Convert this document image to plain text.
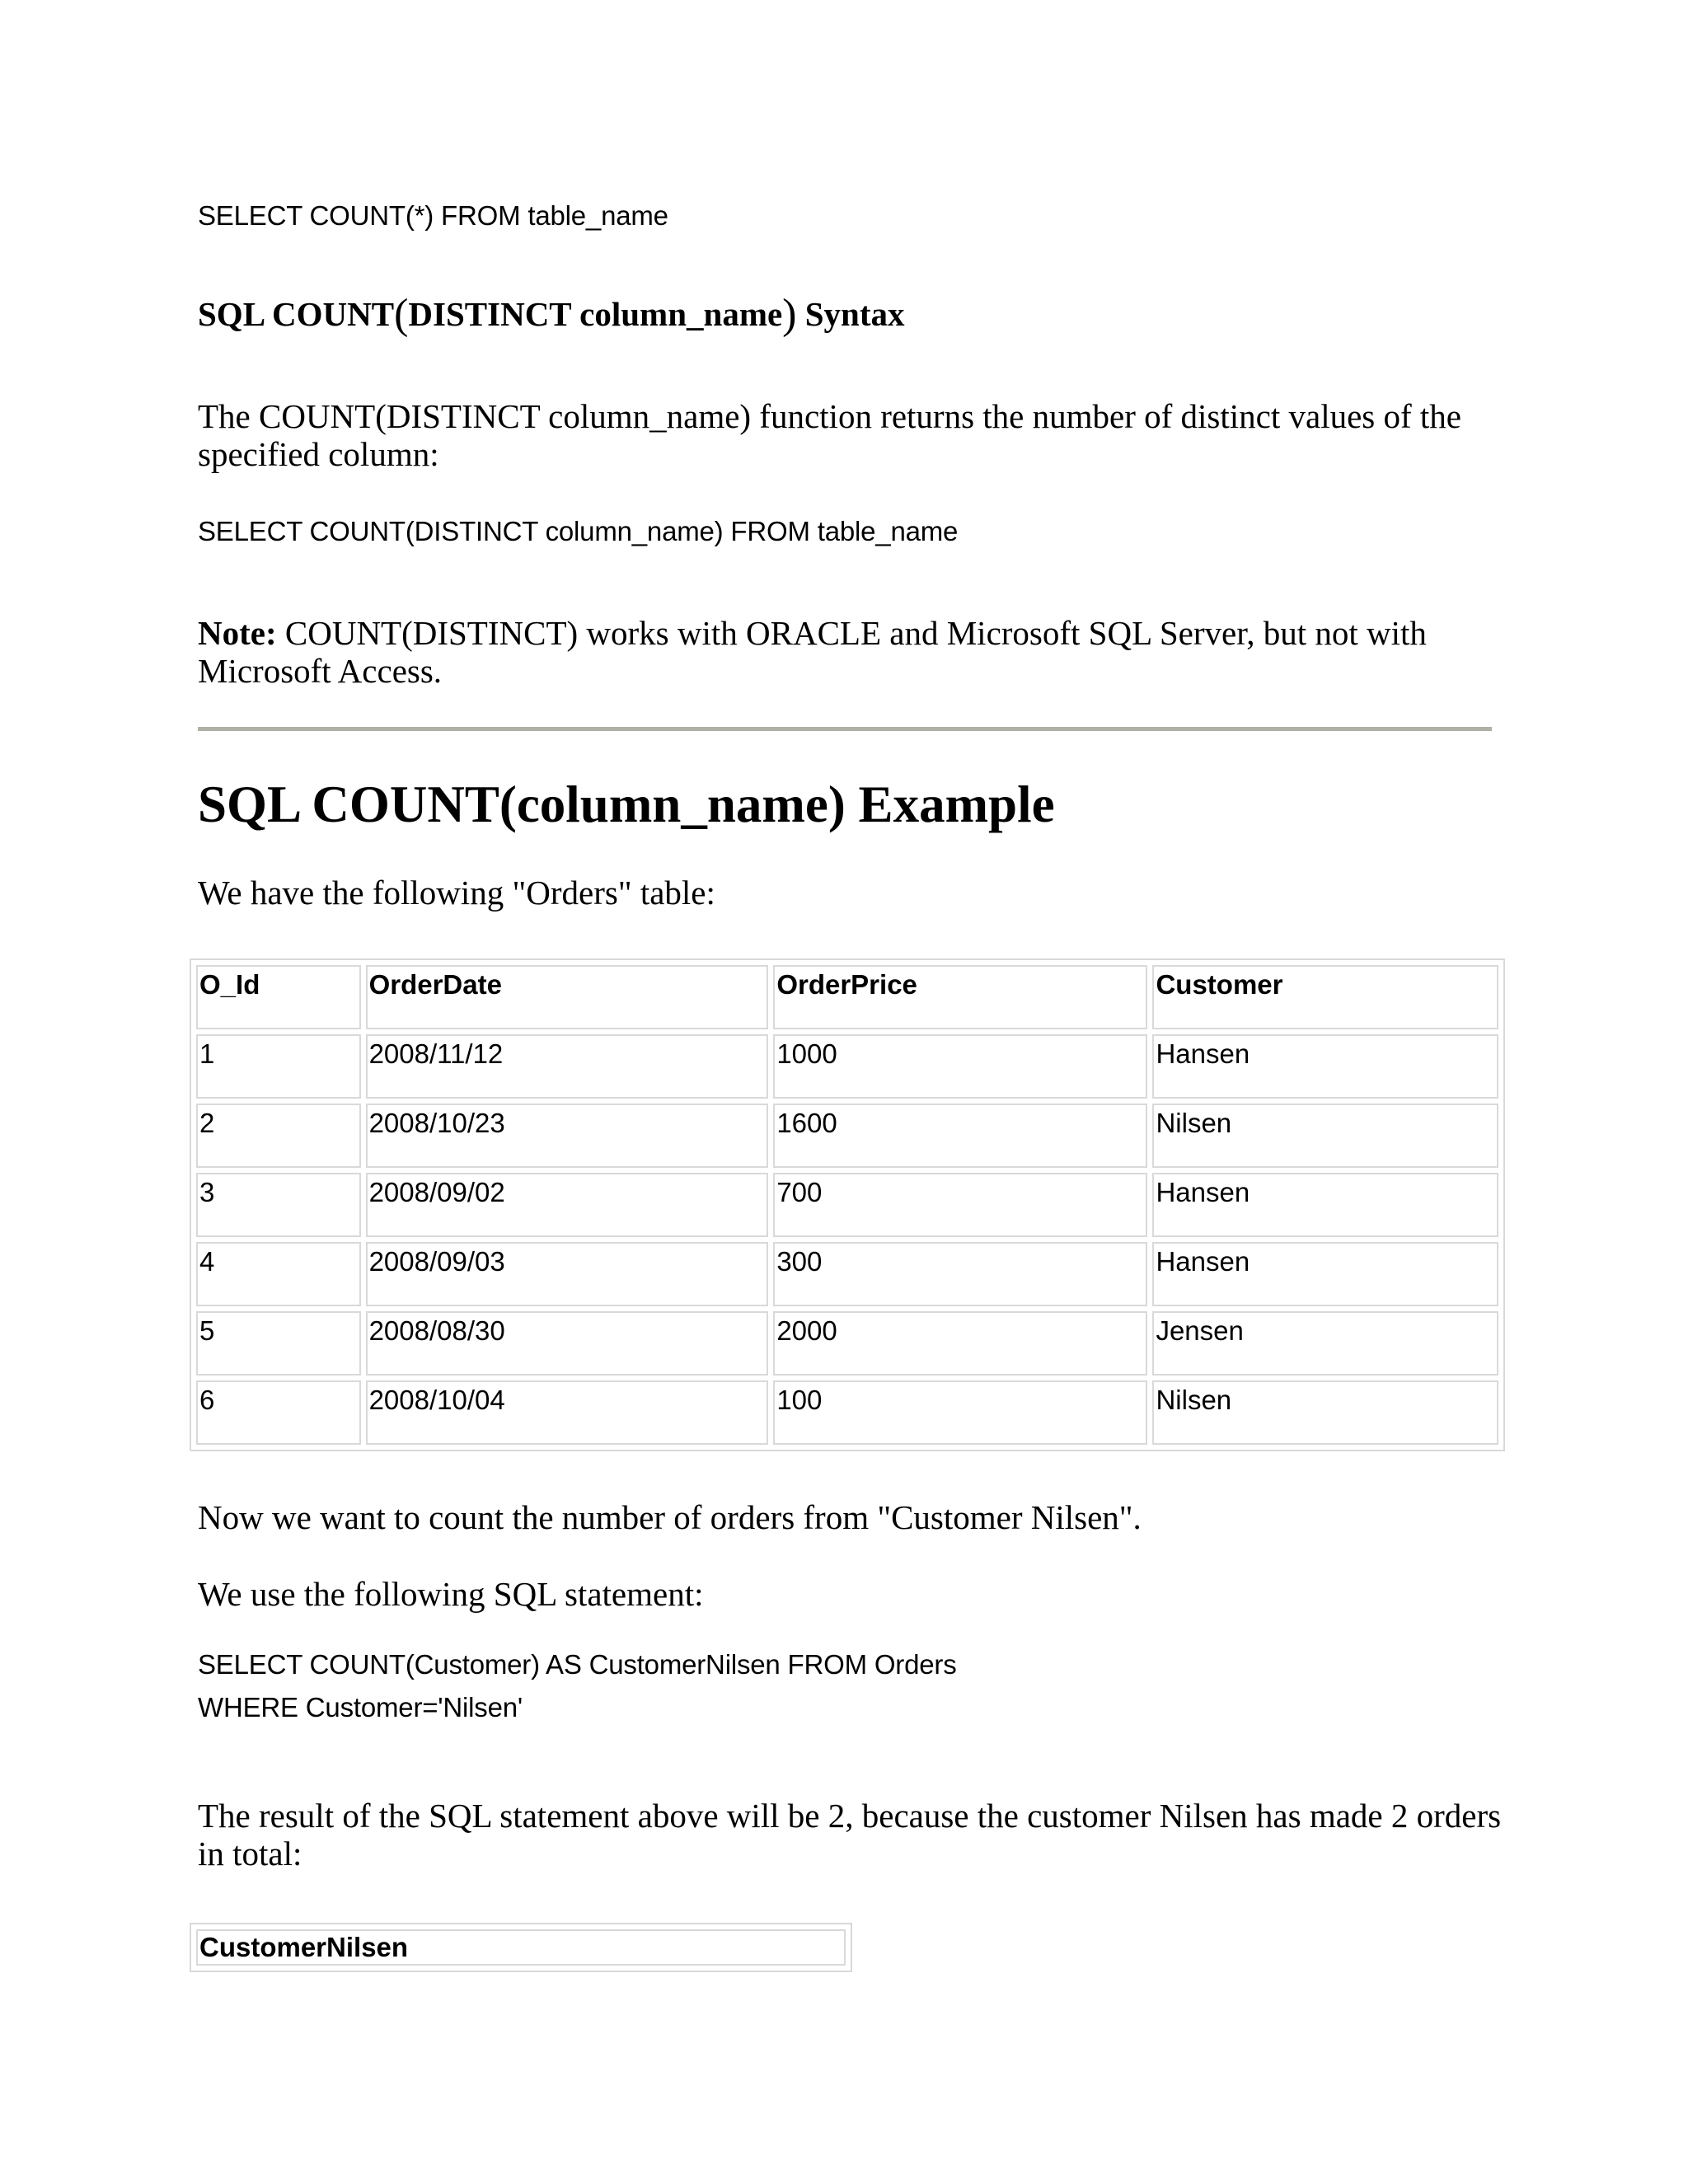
SELECT COUNT(*) FROM table_name
SQL COUNT(DISTINCT column_name) Syntax
The COUNT(DISTINCT column_name) function returns the number of distinct values of the specified column:
SELECT COUNT(DISTINCT column_name) FROM table_name
Note: COUNT(DISTINCT) works with ORACLE and Microsoft SQL Server, but not with Microsoft Access.
SQL COUNT(column_name) Example
We have the following "Orders" table:
O_Id	OrderDate	OrderPrice	Customer
1	2008/11/12	1000	Hansen
2	2008/10/23	1600	Nilsen
3	2008/09/02	700	Hansen
4	2008/09/03	300	Hansen
5	2008/08/30	2000	Jensen
6	2008/10/04	100	Nilsen
Now we want to count the number of orders from "Customer Nilsen".
We use the following SQL statement:
SELECT COUNT(Customer) AS CustomerNilsen FROM Orders
WHERE Customer='Nilsen'
The result of the SQL statement above will be 2, because the customer Nilsen has made 2 orders in total:
CustomerNilsen
